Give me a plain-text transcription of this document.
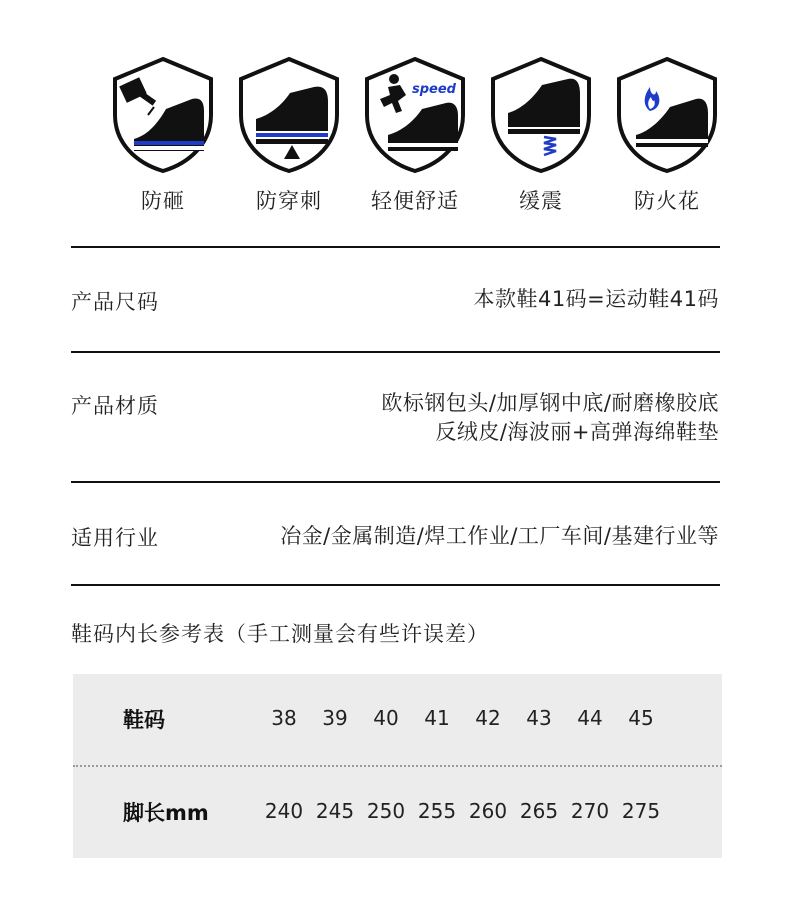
防砸	防穿刺
speed
轻便舒适	缓震	防火花
产品尺码	本款鞋41码=运动鞋41码
产品材质	欧标钢包头/加厚钢中底/耐磨橡胶底
反绒皮/海波丽+高弹海绵鞋垫
适用行业	冶金/金属制造/焊工作业/工厂车间/基建行业等
鞋码内长参考表（手工测量会有些许误差）
鞋码	38	39	40	41	42	43	44	45
脚长mm	240 245 250 255 260 265 270 275
